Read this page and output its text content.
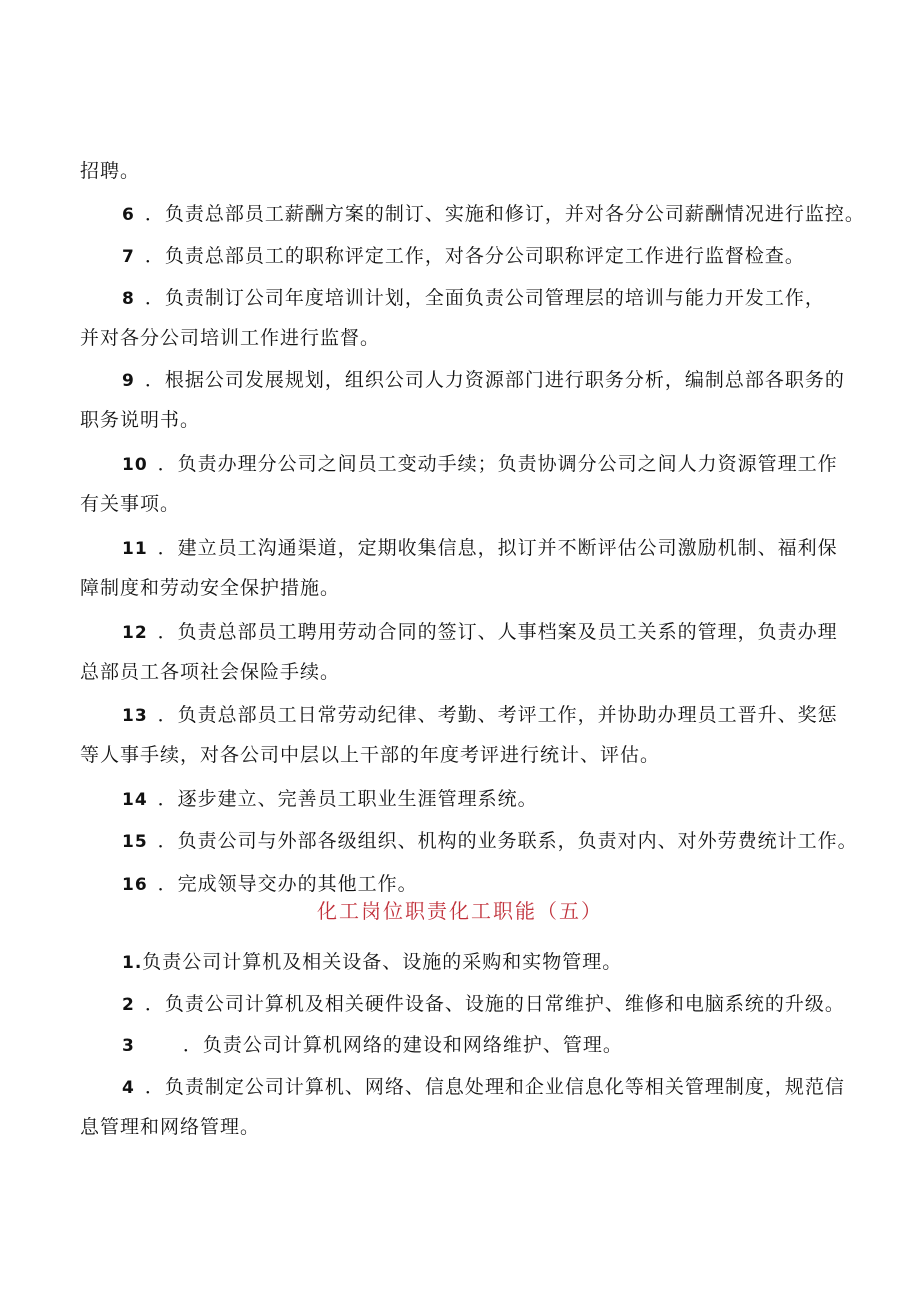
招聘。
6 ．负责总部员工薪酬方案的制订、实施和修订，并对各分公司薪酬情况进行监控。
7 ．负责总部员工的职称评定工作，对各分公司职称评定工作进行监督检查。
8 ．负责制订公司年度培训计划，全面负责公司管理层的培训与能力开发工作，
并对各分公司培训工作进行监督。
9 ．根据公司发展规划，组织公司人力资源部门进行职务分析，编制总部各职务的
职务说明书。
10 ．负责办理分公司之间员工变动手续；负责协调分公司之间人力资源管理工作
有关事项。
11 ．建立员工沟通渠道，定期收集信息，拟订并不断评估公司激励机制、福利保
障制度和劳动安全保护措施。
12 ．负责总部员工聘用劳动合同的签订、人事档案及员工关系的管理，负责办理
总部员工各项社会保险手续。
13 ．负责总部员工日常劳动纪律、考勤、考评工作，并协助办理员工晋升、奖惩
等人事手续，对各公司中层以上干部的年度考评进行统计、评估。
14 ．逐步建立、完善员工职业生涯管理系统。
15 ．负责公司与外部各级组织、机构的业务联系，负责对内、对外劳费统计工作。
16 ．完成领导交办的其他工作。
化工岗位职责化工职能（五）
1.负责公司计算机及相关设备、设施的采购和实物管理。
2 ．负责公司计算机及相关硬件设备、设施的日常维护、维修和电脑系统的升级。
3	．负责公司计算机网络的建设和网络维护、管理。
4 ．负责制定公司计算机、网络、信息处理和企业信息化等相关管理制度，规范信
息管理和网络管理。
